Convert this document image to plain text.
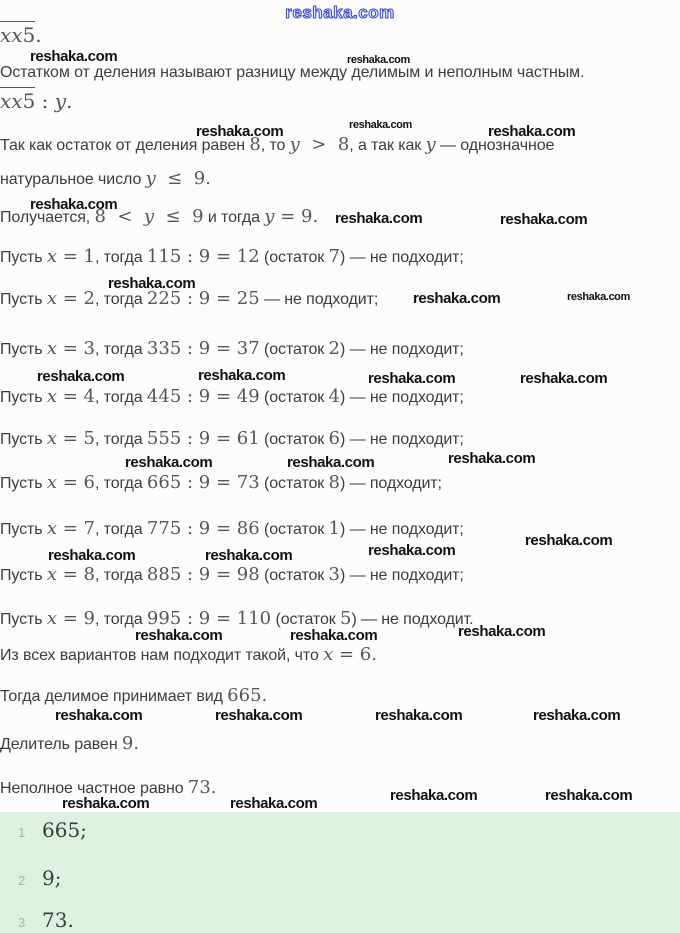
reshaka.com
reshaka.com	reshaka.com
reshaka.com	reshaka.com	reshaka.com
reshaka.com
reshaka.com	reshaka.com
reshaka.com
reshaka.com	reshaka.com
reshaka.com	reshaka.com	reshaka.com	reshaka.com
reshaka.com	reshaka.com	reshaka.com
reshaka.com
reshaka.com	reshaka.com	reshaka.com
reshaka.com	reshaka.com	reshaka.com
reshaka.com	reshaka.com	reshaka.com	reshaka.com
reshaka.com	reshaka.com
reshaka.com	reshaka.com
xx5.
Остатком от деления называют разницу между делимым и неполным частным.
xx5 : y.
Так как остаток от деления равен 8, то y  >  8, а так как y — однозначное
натуральное число y  ≤  9.
Получается, 8  <  y  ≤  9 и тогда y = 9.
Пусть x = 1, тогда 115 : 9 = 12 (остаток 7) — не подходит;
Пусть x = 2, тогда 225 : 9 = 25 — не подходит;
Пусть x = 3, тогда 335 : 9 = 37 (остаток 2) — не подходит;
Пусть x = 4, тогда 445 : 9 = 49 (остаток 4) — не подходит;
Пусть x = 5, тогда 555 : 9 = 61 (остаток 6) — не подходит;
Пусть x = 6, тогда 665 : 9 = 73 (остаток 8) — подходит;
Пусть x = 7, тогда 775 : 9 = 86 (остаток 1) — не подходит;
Пусть x = 8, тогда 885 : 9 = 98 (остаток 3) — не подходит;
Пусть x = 9, тогда 995 : 9 = 110 (остаток 5) — не подходит.
Из всех вариантов нам подходит такой, что x = 6.
Тогда делимое принимает вид 665.
Делитель равен 9.
Неполное частное равно 73.
1 665;
2 9;
3 73.
